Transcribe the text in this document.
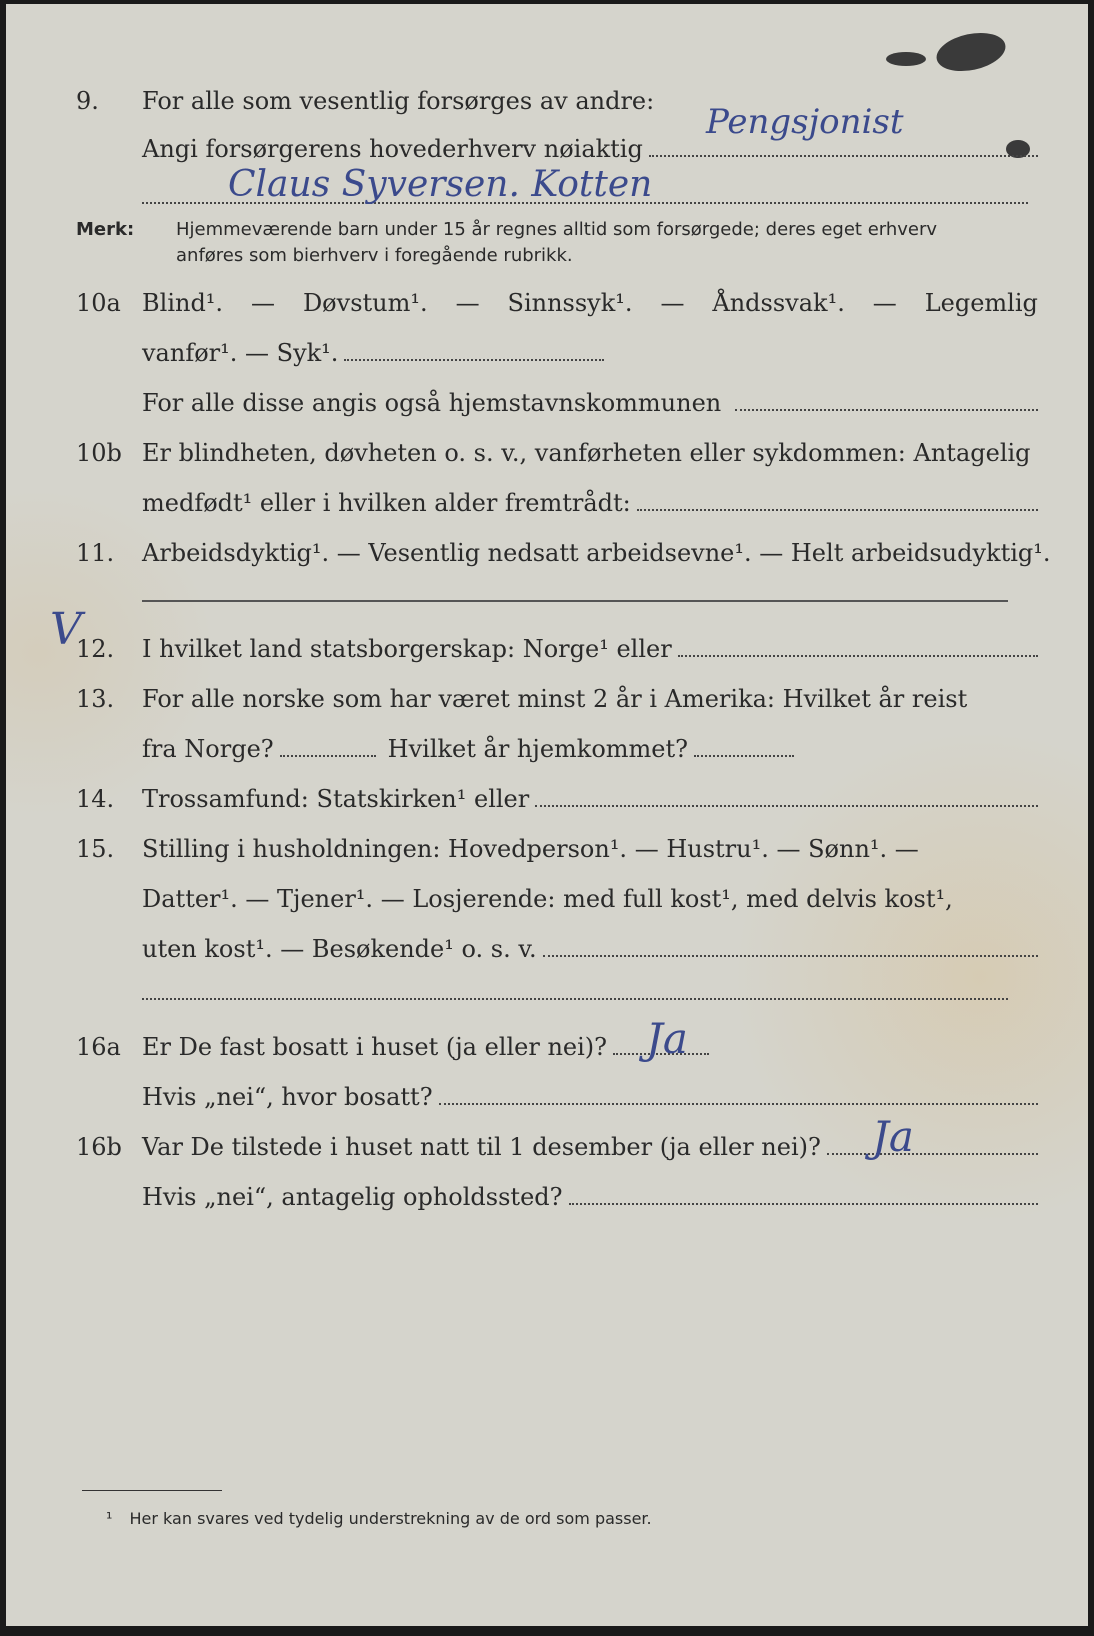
9. For alle som vesentlig forsørges av andre:
Angi forsørgerens hovederhverv nøiaktig
Pengsjonist
Claus Syversen. Kotten
Merk: Hjemmeværende barn under 15 år regnes alltid som forsørgede; deres eget erhverv
anføres som bierhverv i foregående rubrikk.
10a Blind¹. — Døvstum¹. — Sinnssyk¹. — Åndssvak¹. — Legemlig
vanfør¹. — Syk¹.
For alle disse angis også hjemstavnskommunen
10b Er blindheten, døvheten o. s. v., vanførheten eller sykdommen: Antagelig
medfødt¹ eller i hvilken alder fremtrådt:
11. Arbeidsdyktig¹. — Vesentlig nedsatt arbeidsevne¹. — Helt arbeidsudyktig¹.
12. I hvilket land statsborgerskap: Norge¹ eller
V
13. For alle norske som har været minst 2 år i Amerika: Hvilket år reist
fra Norge?	Hvilket år hjemkommet?
14. Trossamfund: Statskirken¹ eller
15. Stilling i husholdningen: Hovedperson¹. — Hustru¹. — Sønn¹. —
Datter¹. — Tjener¹. — Losjerende: med full kost¹, med delvis kost¹,
uten kost¹. — Besøkende¹ o. s. v.
16a Er De fast bosatt i huset (ja eller nei)? Ja
Hvis „nei“, hvor bosatt?
16b Var De tilstede i huset natt til 1 desember (ja eller nei)? Ja
Hvis „nei“, antagelig opholdssted?
¹ Her kan svares ved tydelig understrekning av de ord som passer.
